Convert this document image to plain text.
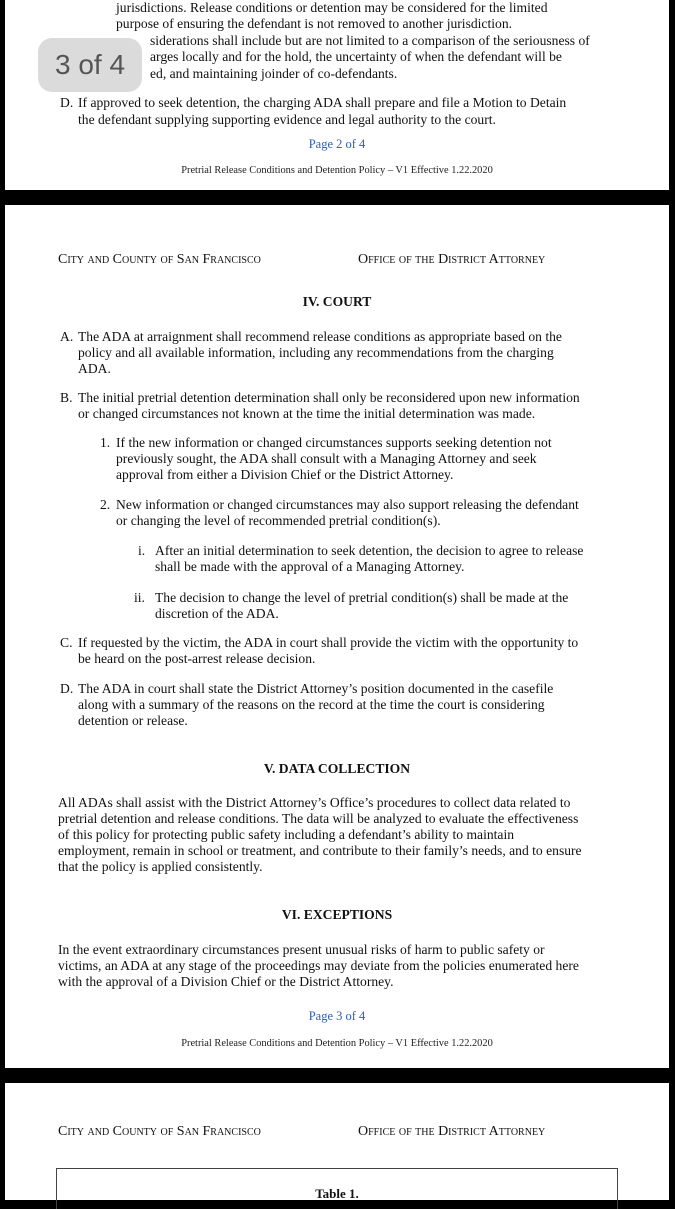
3 of 4
jurisdictions. Release conditions or detention may be considered for the limited
purpose of ensuring the defendant is not removed to another jurisdiction.
siderations shall include but are not limited to a comparison of the seriousness of
arges locally and for the hold, the uncertainty of when the defendant will be
ed, and maintaining joinder of co-defendants.
D. If approved to seek detention, the charging ADA shall prepare and file a Motion to Detain
the defendant supplying supporting evidence and legal authority to the court.
Page 2 of 4
Pretrial Release Conditions and Detention Policy – V1 Effective 1.22.2020
City and County of San Francisco	Office of the District Attorney
IV. COURT
A. The ADA at arraignment shall recommend release conditions as appropriate based on the
policy and all available information, including any recommendations from the charging
ADA.
B. The initial pretrial detention determination shall only be reconsidered upon new information
or changed circumstances not known at the time the initial determination was made.
1. If the new information or changed circumstances supports seeking detention not
previously sought, the ADA shall consult with a Managing Attorney and seek
approval from either a Division Chief or the District Attorney.
2. New information or changed circumstances may also support releasing the defendant
or changing the level of recommended pretrial condition(s).
i. After an initial determination to seek detention, the decision to agree to release
shall be made with the approval of a Managing Attorney.
ii. The decision to change the level of pretrial condition(s) shall be made at the
discretion of the ADA.
C. If requested by the victim, the ADA in court shall provide the victim with the opportunity to
be heard on the post-arrest release decision.
D. The ADA in court shall state the District Attorney’s position documented in the casefile
along with a summary of the reasons on the record at the time the court is considering
detention or release.
V. DATA COLLECTION
All ADAs shall assist with the District Attorney’s Office’s procedures to collect data related to
pretrial detention and release conditions. The data will be analyzed to evaluate the effectiveness
of this policy for protecting public safety including a defendant’s ability to maintain
employment, remain in school or treatment, and contribute to their family’s needs, and to ensure
that the policy is applied consistently.
VI. EXCEPTIONS
In the event extraordinary circumstances present unusual risks of harm to public safety or
victims, an ADA at any stage of the proceedings may deviate from the policies enumerated here
with the approval of a Division Chief or the District Attorney.
Page 3 of 4
Pretrial Release Conditions and Detention Policy – V1 Effective 1.22.2020
City and County of San Francisco	Office of the District Attorney
Table 1.
